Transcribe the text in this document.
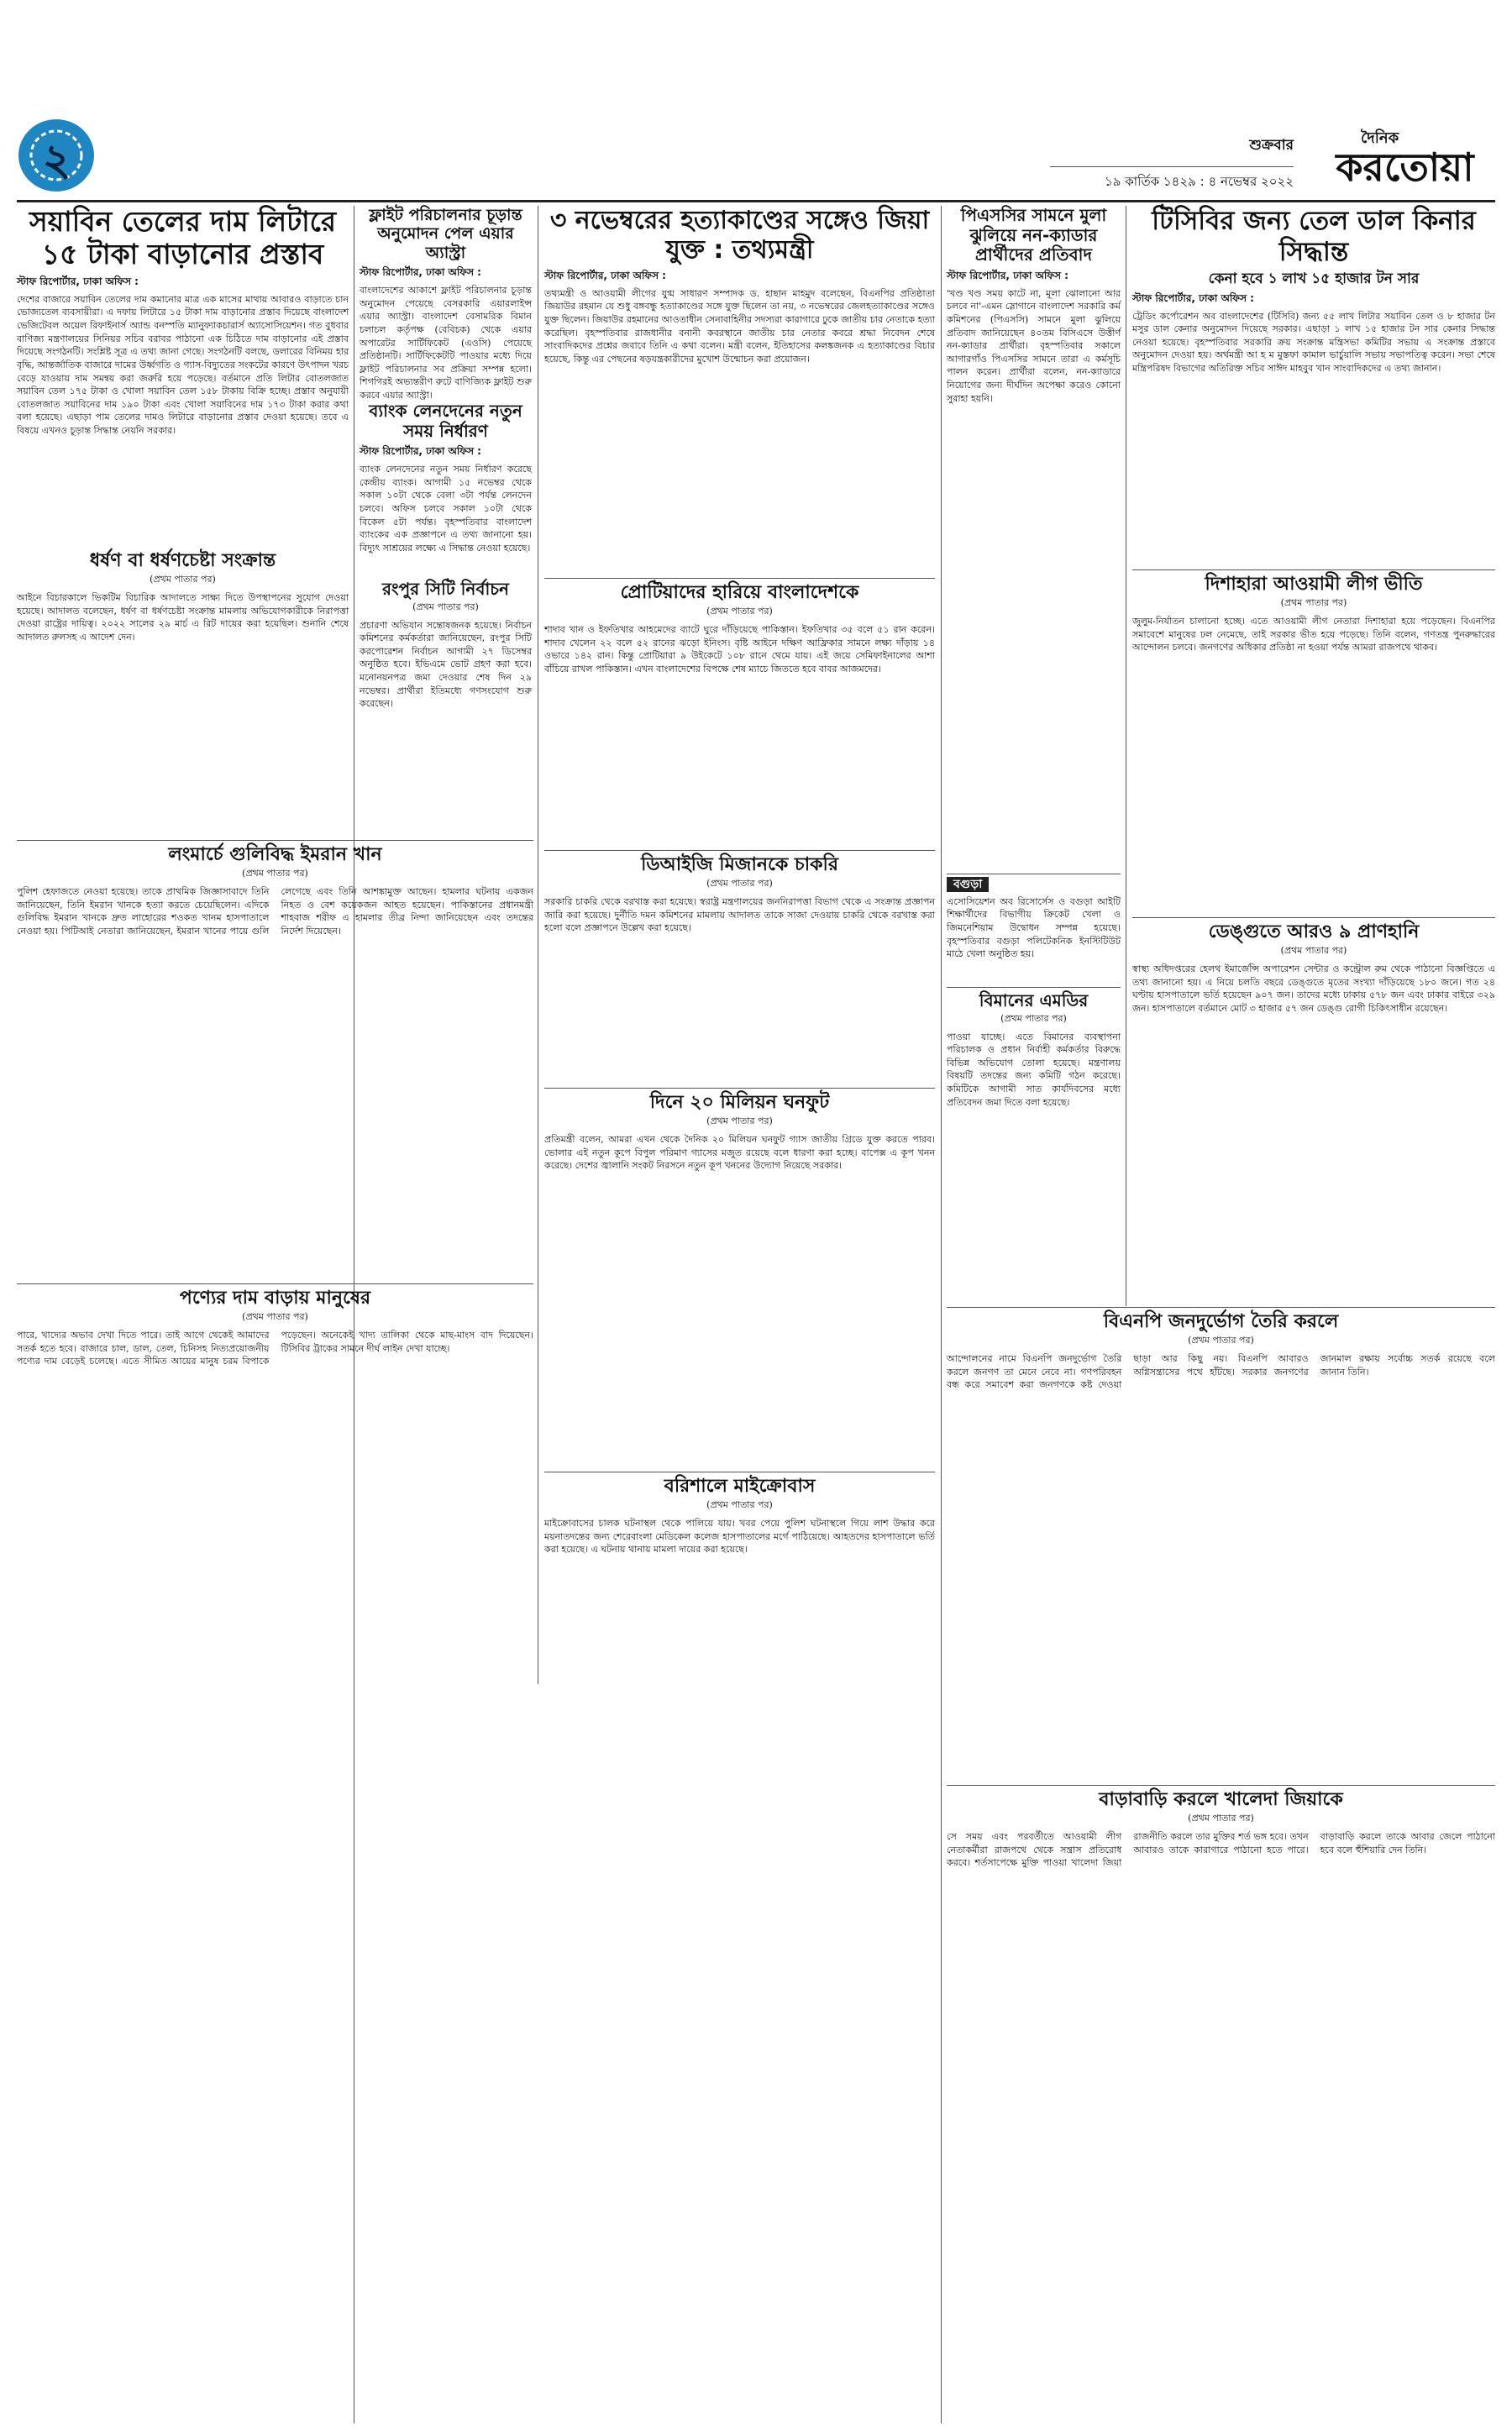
২	শুক্রবার
১৯ কার্তিক ১৪২৯ : ৪ নভেম্বর ২০২২
দৈনিক
করতোয়া
সয়াবিন তেলের দাম লিটারে ১৫ টাকা বাড়ানোর প্রস্তাব
স্টাফ রিপোর্টার, ঢাকা অফিস :
দেশের বাজারে সয়াবিন তেলের দাম কমানোর মাত্র এক মাসের মাথায় আবারও বাড়াতে চান ভোজ্যতেল ব্যবসায়ীরা। এ দফায় লিটারে ১৫ টাকা দাম বাড়ানোর প্রস্তাব দিয়েছে বাংলাদেশ ভেজিটেবল অয়েল রিফাইনার্স অ্যান্ড বনস্পতি ম্যানুফ্যাকচারার্স অ্যাসোসিয়েশন। গত বুধবার বাণিজ্য মন্ত্রণালয়ের সিনিয়র সচিব বরাবর পাঠানো এক চিঠিতে দাম বাড়ানোর এই প্রস্তাব দিয়েছে সংগঠনটি। সংশ্লিষ্ট সূত্র এ তথ্য জানা গেছে। সংগঠনটি বলছে, ডলারের বিনিময় হার বৃদ্ধি, আন্তর্জাতিক বাজারে দামের উর্ধ্বগতি ও গ্যাস-বিদ্যুতের সংকটের কারণে উৎপাদন খরচ বেড়ে যাওয়ায় দাম সমন্বয় করা জরুরি হয়ে পড়েছে। বর্তমানে প্রতি লিটার বোতলজাত সয়াবিন তেল ১৭৫ টাকা ও খোলা সয়াবিন তেল ১৫৮ টাকায় বিক্রি হচ্ছে। প্রস্তাব অনুযায়ী বোতলজাত সয়াবিনের দাম ১৯০ টাকা এবং খোলা সয়াবিনের দাম ১৭৩ টাকা করার কথা বলা হয়েছে। এছাড়া পাম তেলের দামও লিটারে বাড়ানোর প্রস্তাব দেওয়া হয়েছে। তবে এ বিষয়ে এখনও চূড়ান্ত সিদ্ধান্ত নেয়নি সরকার।
ফ্লাইট পরিচালনার চূড়ান্ত অনুমোদন পেল এয়ার অ্যাস্ট্রা
স্টাফ রিপোর্টার, ঢাকা অফিস :
বাংলাদেশের আকাশে ফ্লাইট পরিচালনার চূড়ান্ত অনুমোদন পেয়েছে বেসরকারি এয়ারলাইন্স এয়ার অ্যাস্ট্রা। বাংলাদেশ বেসামরিক বিমান চলাচল কর্তৃপক্ষ (বেবিচক) থেকে এয়ার অপারেটর সার্টিফিকেট (এওসি) পেয়েছে প্রতিষ্ঠানটি। সার্টিফিকেটটি পাওয়ার মধ্যে দিয়ে ফ্লাইট পরিচালনার সব প্রক্রিয়া সম্পন্ন হলো। শিগগিরই অভ্যন্তরীণ রুটে বাণিজ্যিক ফ্লাইট শুরু করবে এয়ার অ্যাস্ট্রা।
ব্যাংক লেনদেনের নতুন সময় নির্ধারণ
স্টাফ রিপোর্টার, ঢাকা অফিস :
ব্যাংক লেনদেনের নতুন সময় নির্ধারণ করেছে কেন্দ্রীয় ব্যাংক। আগামী ১৫ নভেম্বর থেকে সকাল ১০টা থেকে বেলা ৩টা পর্যন্ত লেনদেন চলবে। অফিস চলবে সকাল ১০টা থেকে বিকেল ৫টা পর্যন্ত। বৃহস্পতিবার বাংলাদেশ ব্যাংকের এক প্রজ্ঞাপনে এ তথ্য জানানো হয়। বিদ্যুৎ সাশ্রয়ের লক্ষ্যে এ সিদ্ধান্ত নেওয়া হয়েছে।
রংপুর সিটি নির্বাচন
(প্রথম পাতার পর)
প্রচারণা অভিযান সন্তোষজনক হয়েছে। নির্বাচন কমিশনের কর্মকর্তারা জানিয়েছেন, রংপুর সিটি করপোরেশন নির্বাচন আগামী ২৭ ডিসেম্বর অনুষ্ঠিত হবে। ইভিএমে ভোট গ্রহণ করা হবে। মনোনয়নপত্র জমা দেওয়ার শেষ দিন ২৯ নভেম্বর। প্রার্থীরা ইতিমধ্যে গণসংযোগ শুরু করেছেন।
ধর্ষণ বা ধর্ষণচেষ্টা সংক্রান্ত
(প্রথম পাতার পর)
আইনে বিচারকালে ভিকটিম বিচারিক আদালতে সাক্ষ্য দিতে উপস্থাপনের সুযোগ দেওয়া হয়েছে। আদালত বলেছেন, ধর্ষণ বা ধর্ষণচেষ্টা সংক্রান্ত মামলায় অভিযোগকারীকে নিরাপত্তা দেওয়া রাষ্ট্রের দায়িত্ব। ২০২২ সালের ২৯ মার্চ এ রিট দায়ের করা হয়েছিল। শুনানি শেষে আদালত রুলসহ এ আদেশ দেন।
লংমার্চে গুলিবিদ্ধ ইমরান খান
(প্রথম পাতার পর)
পুলিশ হেফাজতে নেওয়া হয়েছে। তাকে প্রাথমিক জিজ্ঞাসাবাদে তিনি জানিয়েছেন, তিনি ইমরান খানকে হত্যা করতে চেয়েছিলেন। এদিকে গুলিবিদ্ধ ইমরান খানকে দ্রুত লাহোরের শওকত খানম হাসপাতালে নেওয়া হয়। পিটিআই নেতারা জানিয়েছেন, ইমরান খানের পায়ে গুলি লেগেছে এবং তিনি আশঙ্কামুক্ত আছেন। হামলার ঘটনায় একজন নিহত ও বেশ কয়েকজন আহত হয়েছেন। পাকিস্তানের প্রধানমন্ত্রী শাহবাজ শরীফ এ হামলার তীব্র নিন্দা জানিয়েছেন এবং তদন্তের নির্দেশ দিয়েছেন।
পণ্যের দাম বাড়ায় মানুষের
(প্রথম পাতার পর)
পারে, খাদ্যের অভাব দেখা দিতে পারে। তাই আগে থেকেই আমাদের সতর্ক হতে হবে। বাজারে চাল, ডাল, তেল, চিনিসহ নিত্যপ্রয়োজনীয় পণ্যের দাম বেড়েই চলেছে। এতে সীমিত আয়ের মানুষ চরম বিপাকে পড়েছেন। অনেকেই খাদ্য তালিকা থেকে মাছ-মাংস বাদ দিয়েছেন। টিসিবির ট্রাকের সামনে দীর্ঘ লাইন দেখা যাচ্ছে।
৩ নভেম্বরের হত্যাকাণ্ডের সঙ্গেও জিয়া যুক্ত : তথ্যমন্ত্রী
স্টাফ রিপোর্টার, ঢাকা অফিস :
তথ্যমন্ত্রী ও আওয়ামী লীগের যুগ্ম সাধারণ সম্পাদক ড. হাছান মাহমুদ বলেছেন, বিএনপির প্রতিষ্ঠাতা জিয়াউর রহমান যে শুধু বঙ্গবন্ধু হত্যাকাণ্ডের সঙ্গে যুক্ত ছিলেন তা নয়, ৩ নভেম্বরের জেলহত্যাকাণ্ডের সঙ্গেও যুক্ত ছিলেন। জিয়াউর রহমানের আওতাধীন সেনাবাহিনীর সদস্যরা কারাগারে ঢুকে জাতীয় চার নেতাকে হত্যা করেছিল। বৃহস্পতিবার রাজধানীর বনানী কবরস্থানে জাতীয় চার নেতার কবরে শ্রদ্ধা নিবেদন শেষে সাংবাদিকদের প্রশ্নের জবাবে তিনি এ কথা বলেন। মন্ত্রী বলেন, ইতিহাসের কলঙ্কজনক এ হত্যাকাণ্ডের বিচার হয়েছে, কিন্তু এর পেছনের ষড়যন্ত্রকারীদের মুখোশ উন্মোচন করা প্রয়োজন।
প্রোটিয়াদের হারিয়ে বাংলাদেশকে
(প্রথম পাতার পর)
শাদাব খান ও ইফতিখার আহমেদের ব্যাটে ঘুরে দাঁড়িয়েছে পাকিস্তান। ইফতিখার ৩৫ বলে ৫১ রান করেন। শাদাব খেলেন ২২ বলে ৫২ রানের ঝড়ো ইনিংস। বৃষ্টি আইনে দক্ষিণ আফ্রিকার সামনে লক্ষ্য দাঁড়ায় ১৪ ওভারে ১৪২ রান। কিন্তু প্রোটিয়ারা ৯ উইকেটে ১০৮ রানে থেমে যায়। এই জয়ে সেমিফাইনালের আশা বাঁচিয়ে রাখল পাকিস্তান। এখন বাংলাদেশের বিপক্ষে শেষ ম্যাচে জিততে হবে বাবর আজমদের।
ডিআইজি মিজানকে চাকরি
(প্রথম পাতার পর)
সরকারি চাকরি থেকে বরখাস্ত করা হয়েছে। স্বরাষ্ট্র মন্ত্রণালয়ের জননিরাপত্তা বিভাগ থেকে এ সংক্রান্ত প্রজ্ঞাপন জারি করা হয়েছে। দুর্নীতি দমন কমিশনের মামলায় আদালত তাকে সাজা দেওয়ায় চাকরি থেকে বরখাস্ত করা হলো বলে প্রজ্ঞাপনে উল্লেখ করা হয়েছে।
দিনে ২০ মিলিয়ন ঘনফুট
(প্রথম পাতার পর)
প্রতিমন্ত্রী বলেন, আমরা এখন থেকে দৈনিক ২০ মিলিয়ন ঘনফুট গ্যাস জাতীয় গ্রিডে যুক্ত করতে পারব। ভোলার এই নতুন কূপে বিপুল পরিমাণ গ্যাসের মজুত রয়েছে বলে ধারণা করা হচ্ছে। বাপেক্স এ কূপ খনন করেছে। দেশের জ্বালানি সংকট নিরসনে নতুন কূপ খননের উদ্যোগ নিয়েছে সরকার।
বরিশালে মাইক্রোবাস
(প্রথম পাতার পর)
মাইক্রোবাসের চালক ঘটনাস্থল থেকে পালিয়ে যায়। খবর পেয়ে পুলিশ ঘটনাস্থলে গিয়ে লাশ উদ্ধার করে ময়নাতদন্তের জন্য শেরেবাংলা মেডিকেল কলেজ হাসপাতালের মর্গে পাঠিয়েছে। আহতদের হাসপাতালে ভর্তি করা হয়েছে। এ ঘটনায় থানায় মামলা দায়ের করা হয়েছে।
পিএসসির সামনে মুলা ঝুলিয়ে নন-ক্যাডার প্রার্থীদের প্রতিবাদ
স্টাফ রিপোর্টার, ঢাকা অফিস :
'খণ্ড খণ্ড সময় কাটে না, মূলা ঝোলানো আর চলবে না'-এমন স্লোগানে বাংলাদেশ সরকারি কর্ম কমিশনের (পিএসসি) সামনে মুলা ঝুলিয়ে প্রতিবাদ জানিয়েছেন ৪০তম বিসিএসে উত্তীর্ণ নন-ক্যাডার প্রার্থীরা। বৃহস্পতিবার সকালে আগারগাঁও পিএসসির সামনে তারা এ কর্মসূচি পালন করেন। প্রার্থীরা বলেন, নন-ক্যাডারে নিয়োগের জন্য দীর্ঘদিন অপেক্ষা করেও কোনো সুরাহা হয়নি।
বগুড়া
এসোসিয়েশন অব রিসোর্সেস ও বগুড়া আইটি শিক্ষার্থীদের বিভাগীয় ক্রিকেট খেলা ও জিমনেশিয়াম উদ্বোধন সম্পন্ন হয়েছে। বৃহস্পতিবার বগুড়া পলিটেকনিক ইনস্টিটিউট মাঠে খেলা অনুষ্ঠিত হয়।
বিমানের এমডির
(প্রথম পাতার পর)
পাওয়া যাচ্ছে। এতে বিমানের ব্যবস্থাপনা পরিচালক ও প্রধান নির্বাহী কর্মকর্তার বিরুদ্ধে বিভিন্ন অভিযোগ তোলা হয়েছে। মন্ত্রণালয় বিষয়টি তদন্তের জন্য কমিটি গঠন করেছে। কমিটিকে আগামী সাত কার্যদিবসের মধ্যে প্রতিবেদন জমা দিতে বলা হয়েছে।
টিসিবির জন্য তেল ডাল কিনার সিদ্ধান্ত
কেনা হবে ১ লাখ ১৫ হাজার টন সার
স্টাফ রিপোর্টার, ঢাকা অফিস :
ট্রেডিং কর্পোরেশন অব বাংলাদেশের (টিসিবি) জন্য ৫৫ লাখ লিটার সয়াবিন তেল ও ৮ হাজার টন মসুর ডাল কেনার অনুমোদন দিয়েছে সরকার। এছাড়া ১ লাখ ১৫ হাজার টন সার কেনার সিদ্ধান্ত নেওয়া হয়েছে। বৃহস্পতিবার সরকারি ক্রয় সংক্রান্ত মন্ত্রিসভা কমিটির সভায় এ সংক্রান্ত প্রস্তাবে অনুমোদন দেওয়া হয়। অর্থমন্ত্রী আ হ ম মুস্তফা কামাল ভার্চুয়ালি সভায় সভাপতিত্ব করেন। সভা শেষে মন্ত্রিপরিষদ বিভাগের অতিরিক্ত সচিব সাঈদ মাহবুব খান সাংবাদিকদের এ তথ্য জানান।
দিশাহারা আওয়ামী লীগ ভীতি
(প্রথম পাতার পর)
জুলুম-নির্যাতন চালানো হচ্ছে। এতে আওয়ামী লীগ নেতারা দিশাহারা হয়ে পড়েছেন। বিএনপির সমাবেশে মানুষের ঢল নেমেছে, তাই সরকার ভীত হয়ে পড়েছে। তিনি বলেন, গণতন্ত্র পুনরুদ্ধারের আন্দোলন চলবে। জনগণের অধিকার প্রতিষ্ঠা না হওয়া পর্যন্ত আমরা রাজপথে থাকব।
ডেঙ্গুতে আরও ৯ প্রাণহানি
(প্রথম পাতার পর)
স্বাস্থ্য অধিদপ্তরের হেলথ ইমার্জেন্সি অপারেশন সেন্টার ও কন্ট্রোল রুম থেকে পাঠানো বিজ্ঞপ্তিতে এ তথ্য জানানো হয়। এ নিয়ে চলতি বছরে ডেঙ্গুতে মৃতের সংখ্যা দাঁড়িয়েছে ১৮০ জনে। গত ২৪ ঘণ্টায় হাসপাতালে ভর্তি হয়েছেন ৯০৭ জন। তাদের মধ্যে ঢাকায় ৫৭৮ জন এবং ঢাকার বাইরে ৩২৯ জন। হাসপাতালে বর্তমানে মোট ৩ হাজার ৫৭ জন ডেঙ্গু রোগী চিকিৎসাধীন রয়েছেন।
বিএনপি জনদুর্ভোগ তৈরি করলে
(প্রথম পাতার পর)
আন্দোলনের নামে বিএনপি জনদুর্ভোগ তৈরি করলে জনগণ তা মেনে নেবে না। গণপরিবহন বন্ধ করে সমাবেশ করা জনগণকে কষ্ট দেওয়া ছাড়া আর কিছু নয়। বিএনপি আবারও অগ্নিসন্ত্রাসের পথে হাঁটছে। সরকার জনগণের জানমাল রক্ষায় সর্বোচ্চ সতর্ক রয়েছে বলে জানান তিনি।
বাড়াবাড়ি করলে খালেদা জিয়াকে
(প্রথম পাতার পর)
সে সময় এবং পরবর্তীতে আওয়ামী লীগ নেতাকর্মীরা রাজপথে থেকে সন্ত্রাস প্রতিরোধ করবে। শর্তসাপেক্ষে মুক্তি পাওয়া খালেদা জিয়া রাজনীতি করলে তার মুক্তির শর্ত ভঙ্গ হবে। তখন আবারও তাকে কারাগারে পাঠানো হতে পারে। বাড়াবাড়ি করলে তাকে আবার জেলে পাঠানো হবে বলে হুঁশিয়ারি দেন তিনি।
